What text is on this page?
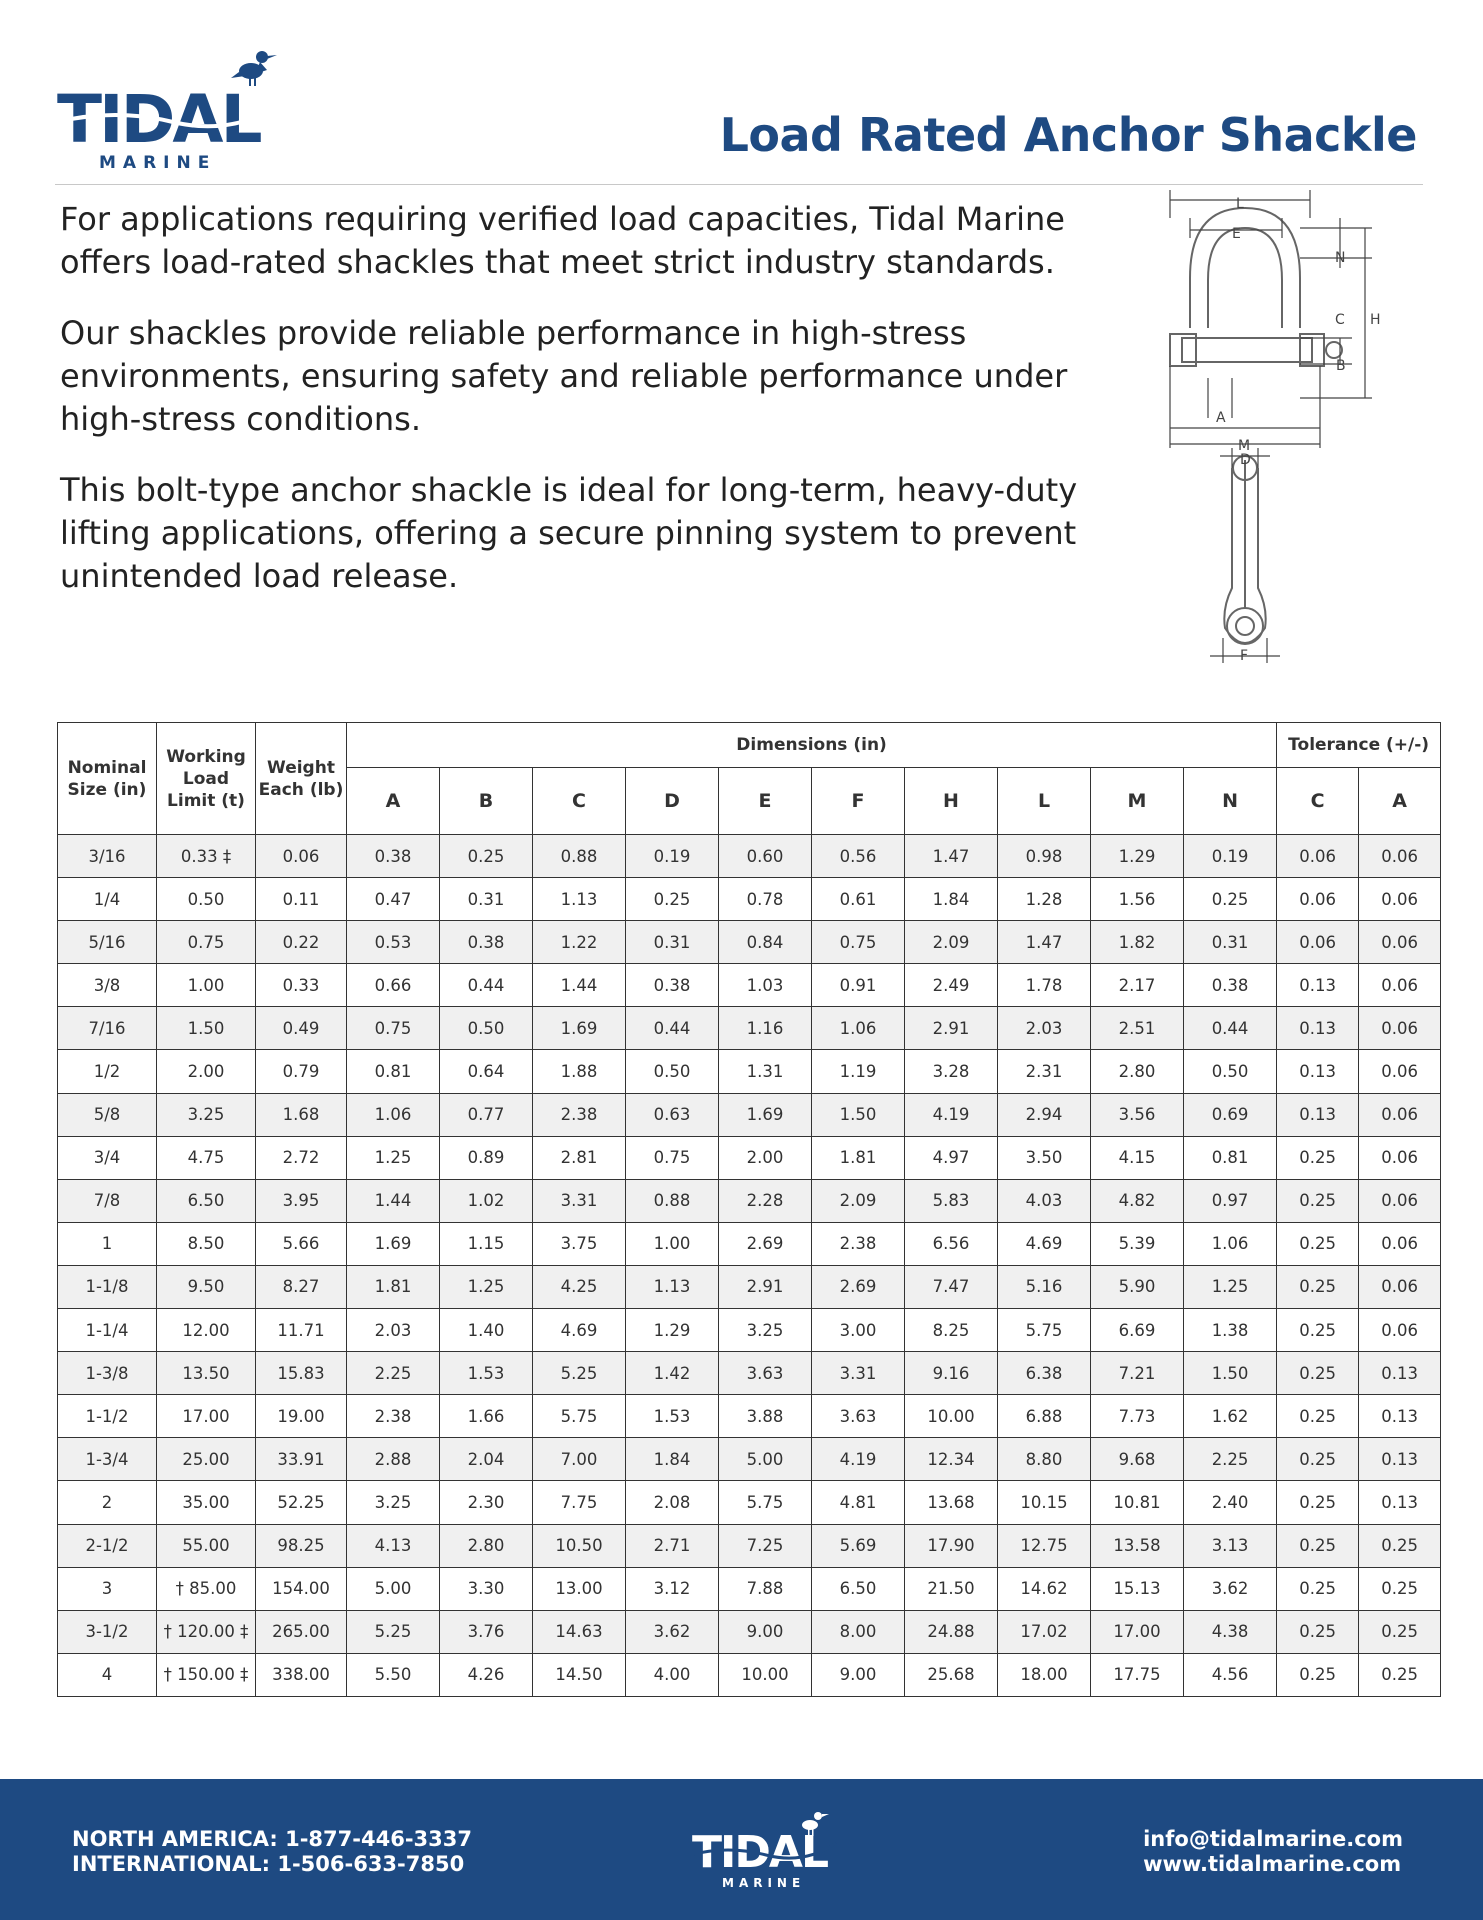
TIDAL
MARINE
Load Rated Anchor Shackle

For applications requiring verified load capacities, Tidal Marine offers load-rated shackles that meet strict industry standards.

Our shackles provide reliable performance in high-stress environments, ensuring safety and reliable performance under high-stress conditions.

This bolt-type anchor shackle is ideal for long-term, heavy-duty lifting applications, offering a secure pinning system to prevent unintended load release.

L
E
N
C H
B
A
M
D
F
Nominal Size (in)	Working Load Limit (t)	Weight Each (lb)	Dimensions (in)										Tolerance (+/-)	
			A	B	C	D	E	F	H	L	M	N	C	A
3/16	0.33 ‡	0.06	0.38	0.25	0.88	0.19	0.60	0.56	1.47	0.98	1.29	0.19	0.06	0.06
1/4	0.50	0.11	0.47	0.31	1.13	0.25	0.78	0.61	1.84	1.28	1.56	0.25	0.06	0.06
5/16	0.75	0.22	0.53	0.38	1.22	0.31	0.84	0.75	2.09	1.47	1.82	0.31	0.06	0.06
3/8	1.00	0.33	0.66	0.44	1.44	0.38	1.03	0.91	2.49	1.78	2.17	0.38	0.13	0.06
7/16	1.50	0.49	0.75	0.50	1.69	0.44	1.16	1.06	2.91	2.03	2.51	0.44	0.13	0.06
1/2	2.00	0.79	0.81	0.64	1.88	0.50	1.31	1.19	3.28	2.31	2.80	0.50	0.13	0.06
5/8	3.25	1.68	1.06	0.77	2.38	0.63	1.69	1.50	4.19	2.94	3.56	0.69	0.13	0.06
3/4	4.75	2.72	1.25	0.89	2.81	0.75	2.00	1.81	4.97	3.50	4.15	0.81	0.25	0.06
7/8	6.50	3.95	1.44	1.02	3.31	0.88	2.28	2.09	5.83	4.03	4.82	0.97	0.25	0.06
1	8.50	5.66	1.69	1.15	3.75	1.00	2.69	2.38	6.56	4.69	5.39	1.06	0.25	0.06
1-1/8	9.50	8.27	1.81	1.25	4.25	1.13	2.91	2.69	7.47	5.16	5.90	1.25	0.25	0.06
1-1/4	12.00	11.71	2.03	1.40	4.69	1.29	3.25	3.00	8.25	5.75	6.69	1.38	0.25	0.06
1-3/8	13.50	15.83	2.25	1.53	5.25	1.42	3.63	3.31	9.16	6.38	7.21	1.50	0.25	0.13
1-1/2	17.00	19.00	2.38	1.66	5.75	1.53	3.88	3.63	10.00	6.88	7.73	1.62	0.25	0.13
1-3/4	25.00	33.91	2.88	2.04	7.00	1.84	5.00	4.19	12.34	8.80	9.68	2.25	0.25	0.13
2	35.00	52.25	3.25	2.30	7.75	2.08	5.75	4.81	13.68	10.15	10.81	2.40	0.25	0.13
2-1/2	55.00	98.25	4.13	2.80	10.50	2.71	7.25	5.69	17.90	12.75	13.58	3.13	0.25	0.25
3	† 85.00	154.00	5.00	3.30	13.00	3.12	7.88	6.50	21.50	14.62	15.13	3.62	0.25	0.25
3-1/2	† 120.00 ‡	265.00	5.25	3.76	14.63	3.62	9.00	8.00	24.88	17.02	17.00	4.38	0.25	0.25
4	† 150.00 ‡	338.00	5.50	4.26	14.50	4.00	10.00	9.00	25.68	18.00	17.75	4.56	0.25	0.25
NORTH AMERICA: 1-877-446-3337
INTERNATIONAL: 1-506-633-7850	TIDAL
MARINE
info@tidalmarine.com
www.tidalmarine.com
